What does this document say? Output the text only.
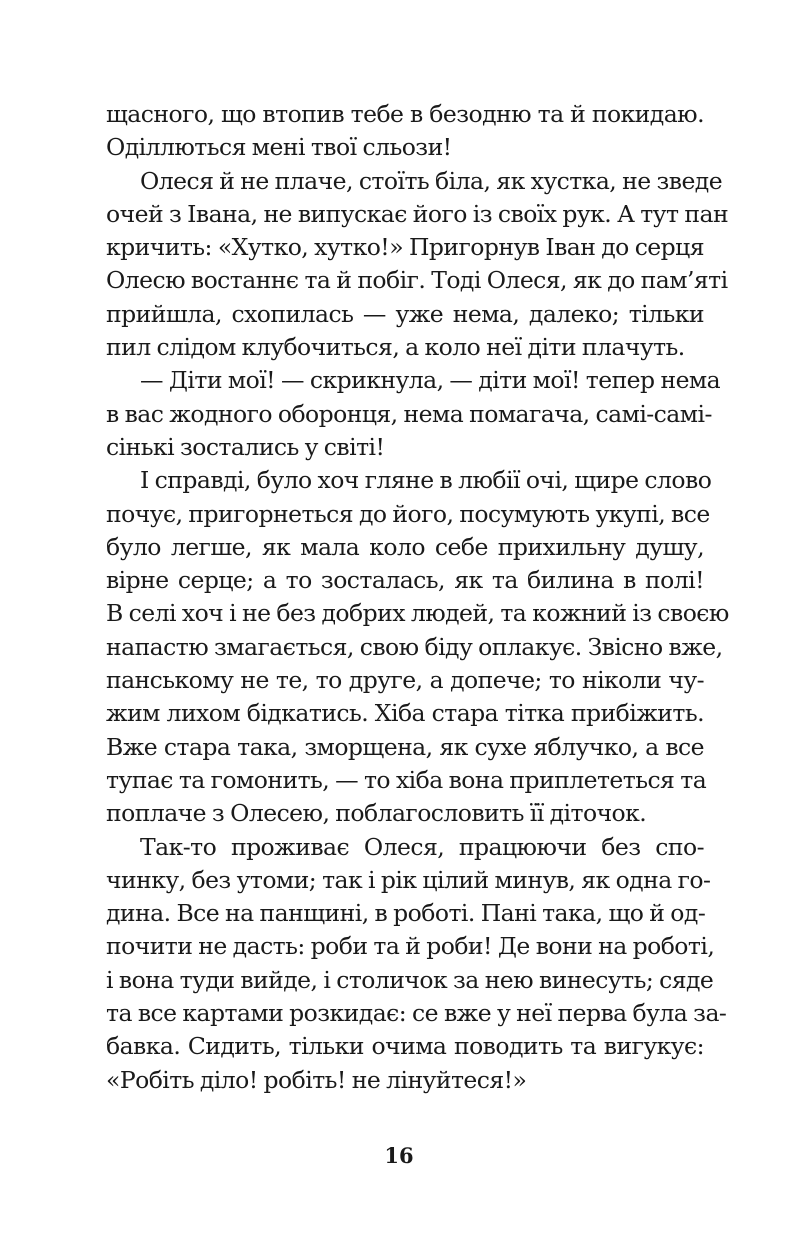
щасного, що втопив тебе в безодню та й покидаю.
Оділлються мені твої сльози!
Олеся й не плаче, стоїть біла, як хустка, не зведе
очей з Івана, не випускає його із своїх рук. А тут пан
кричить: «Хутко, хутко!» Пригорнув Іван до серця
Олесю востаннє та й побіг. Тоді Олеся, як до пам’яті
прийшла, схопилась — уже нема, далеко; тільки
пил слідом клубочиться, а коло неї діти плачуть.
— Діти мої! — скрикнула, — діти мої! тепер нема
в вас жодного оборонця, нема помагача, самі-самі-
сінькі зостались у світі!
І справді, було хоч гляне в любії очі, щире слово
почує, пригорнеться до його, посумують укупі, все
було легше, як мала коло себе прихильну душу,
вірне серце; а то зосталась, як та билина в полі!
В селі хоч і не без добрих людей, та кожний із своєю
напастю змагається, свою біду оплакує. Звісно вже,
панському не те, то друге, а допече; то ніколи чу-
жим лихом бідкатись. Хіба стара тітка прибіжить.
Вже стара така, зморщена, як сухе яблучко, а все
тупає та гомонить, — то хіба вона приплететься та
поплаче з Олесею, поблагословить її діточок.
Так-то проживає Олеся, працюючи без спо-
чинку, без утоми; так і рік цілий минув, як одна го-
дина. Все на панщині, в роботі. Пані така, що й од-
почити не дасть: роби та й роби! Де вони на роботі,
і вона туди вийде, і столичок за нею винесуть; сяде
та все картами розкидає: се вже у неї перва була за-
бавка. Сидить, тільки очима поводить та вигукує:
«Робіть діло! робіть! не лінуйтеся!»
16
